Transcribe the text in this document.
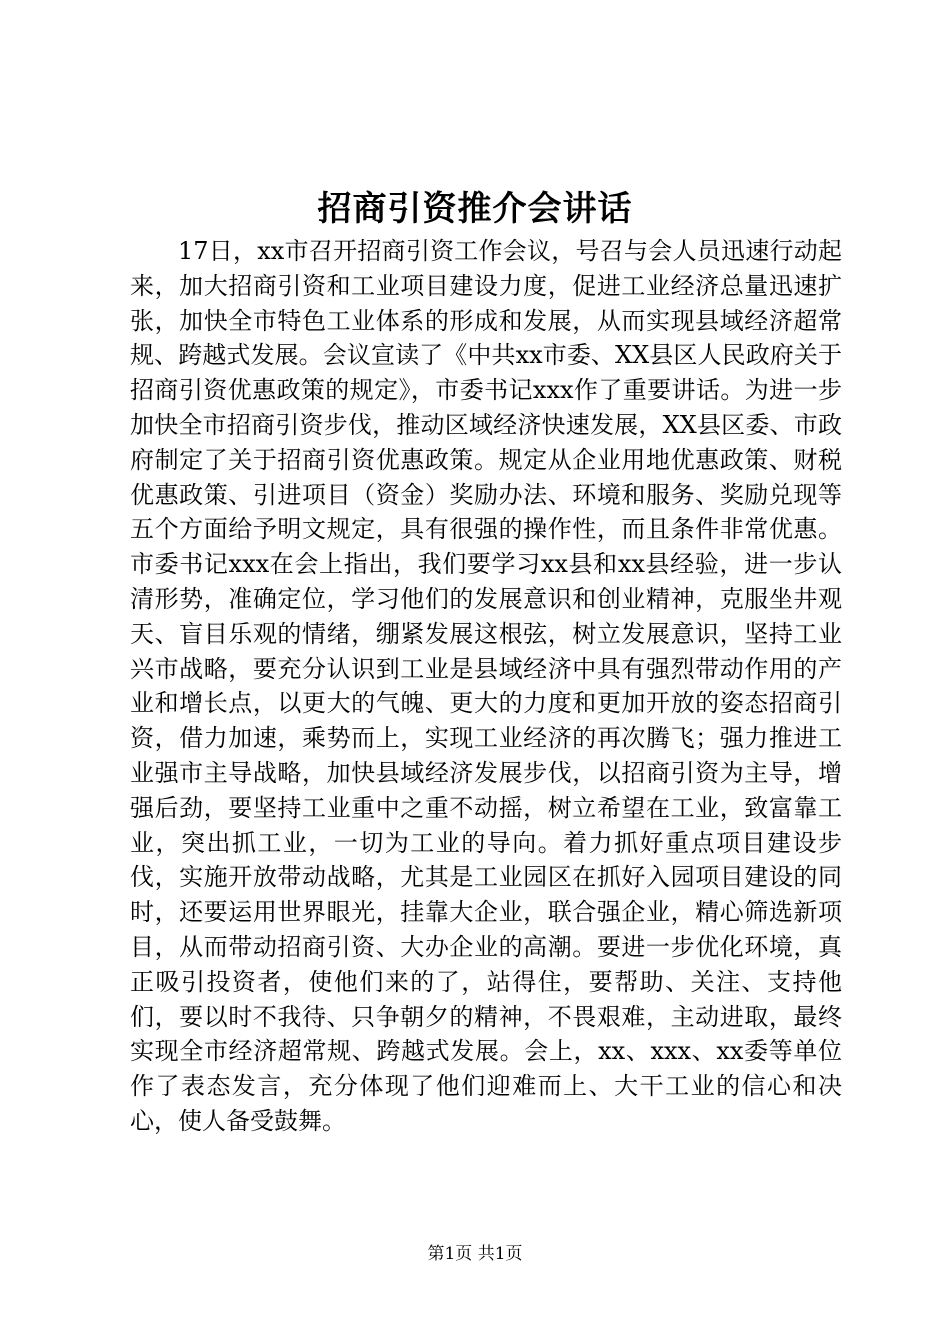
招商引资推介会讲话

17日，xx市召开招商引资工作会议，号召与会人员迅速行动起来，加大招商引资和工业项目建设力度，促进工业经济总量迅速扩张，加快全市特色工业体系的形成和发展，从而实现县域经济超常规、跨越式发展。会议宣读了《中共xx市委、XX县区人民政府关于招商引资优惠政策的规定》，市委书记xxx作了重要讲话。为进一步加快全市招商引资步伐，推动区域经济快速发展，XX县区委、市政府制定了关于招商引资优惠政策。规定从企业用地优惠政策、财税优惠政策、引进项目（资金）奖励办法、环境和服务、奖励兑现等五个方面给予明文规定，具有很强的操作性，而且条件非常优惠。市委书记xxx在会上指出，我们要学习xx县和xx县经验，进一步认清形势，准确定位，学习他们的发展意识和创业精神，克服坐井观天、盲目乐观的情绪，绷紧发展这根弦，树立发展意识，坚持工业兴市战略，要充分认识到工业是县域经济中具有强烈带动作用的产业和增长点，以更大的气魄、更大的力度和更加开放的姿态招商引资，借力加速，乘势而上，实现工业经济的再次腾飞；强力推进工业强市主导战略，加快县域经济发展步伐，以招商引资为主导，增强后劲，要坚持工业重中之重不动摇，树立希望在工业，致富靠工业，突出抓工业，一切为工业的导向。着力抓好重点项目建设步伐，实施开放带动战略，尤其是工业园区在抓好入园项目建设的同时，还要运用世界眼光，挂靠大企业，联合强企业，精心筛选新项目，从而带动招商引资、大办企业的高潮。要进一步优化环境，真正吸引投资者，使他们来的了，站得住，要帮助、关注、支持他们，要以时不我待、只争朝夕的精神，不畏艰难，主动进取，最终实现全市经济超常规、跨越式发展。会上，xx、xxx、xx委等单位作了表态发言，充分体现了他们迎难而上、大干工业的信心和决心，使人备受鼓舞。

第1页 共1页
